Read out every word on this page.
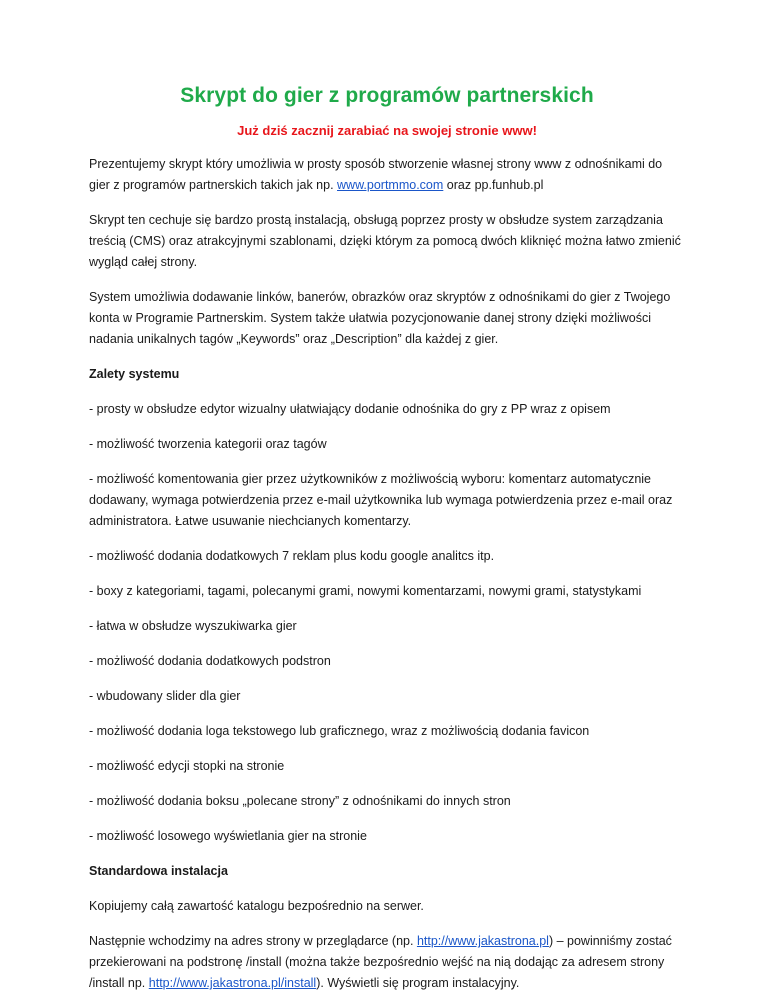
Skrypt do gier z programów partnerskich
Już dziś zacznij zarabiać na swojej stronie www!

Prezentujemy skrypt który umożliwia w prosty sposób stworzenie własnej strony www z odnośnikami do gier z programów partnerskich takich jak np. www.portmmo.com oraz pp.funhub.pl

Skrypt ten cechuje się bardzo prostą instalacją, obsługą poprzez prosty w obsłudze system zarządzania treścią (CMS) oraz atrakcyjnymi szablonami, dzięki którym za pomocą dwóch kliknięć można łatwo zmienić wygląd całej strony.

System umożliwia dodawanie linków, banerów, obrazków oraz skryptów z odnośnikami do gier z Twojego konta w Programie Partnerskim. System także ułatwia pozycjonowanie danej strony dzięki możliwości nadania unikalnych tagów „Keywords” oraz „Description” dla każdej z gier.

Zalety systemu

- prosty w obsłudze edytor wizualny ułatwiający dodanie odnośnika do gry z PP wraz z opisem

- możliwość tworzenia kategorii oraz tagów

- możliwość komentowania gier przez użytkowników z możliwością wyboru: komentarz automatycznie dodawany, wymaga potwierdzenia przez e-mail użytkownika lub wymaga potwierdzenia przez e-mail oraz administratora. Łatwe usuwanie niechcianych komentarzy.

- możliwość dodania dodatkowych 7 reklam plus kodu google analitcs itp.

- boxy z kategoriami, tagami, polecanymi grami, nowymi komentarzami, nowymi grami, statystykami

- łatwa w obsłudze wyszukiwarka gier

- możliwość dodania dodatkowych podstron

- wbudowany slider dla gier

- możliwość dodania loga tekstowego lub graficznego, wraz z możliwością dodania favicon

- możliwość edycji stopki na stronie

- możliwość dodania boksu „polecane strony” z odnośnikami do innych stron

- możliwość losowego wyświetlania gier na stronie

Standardowa instalacja

Kopiujemy całą zawartość katalogu bezpośrednio na serwer.

Następnie wchodzimy na adres strony w przeglądarce (np. http://www.jakastrona.pl) – powinniśmy zostać przekierowani na podstronę /install (można także bezpośrednio wejść na nią dodając za adresem strony /install np. http://www.jakastrona.pl/install). Wyświetli się program instalacyjny.
